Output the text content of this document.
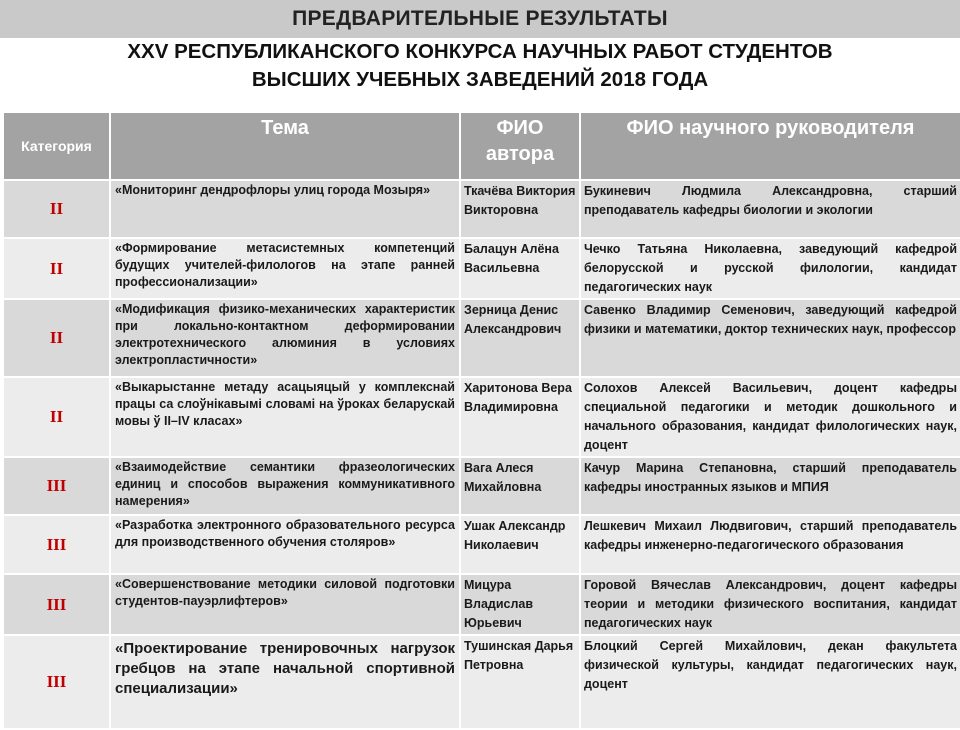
ПРЕДВАРИТЕЛЬНЫЕ РЕЗУЛЬТАТЫ
XXV РЕСПУБЛИКАНСКОГО КОНКУРСА НАУЧНЫХ РАБОТ СТУДЕНТОВ
ВЫСШИХ УЧЕБНЫХ ЗАВЕДЕНИЙ 2018 ГОДА
Категория	Тема	ФИО автора	ФИО научного руководителя
II	«Мониторинг дендрофлоры улиц города Мозыря»	Ткачёва Виктория Викторовна	Букиневич Людмила Александровна, старший преподаватель кафедры биологии и экологии
II	«Формирование метасистемных компетенций будущих учителей-филологов на этапе ранней профессионализации»	Балацун Алёна Васильевна	Чечко Татьяна Николаевна, заведующий кафедрой белорусской и русской филологии, кандидат педагогических наук
II	«Модификация физико-механических характеристик при локально-контактном деформировании электротехнического алюминия в условиях электропластичности»	Зерница Денис Александрович	Савенко Владимир Семенович, заведующий кафедрой физики и математики, доктор технических наук, профессор
II	«Выкарыстанне метаду асацыяцый у комплекснай працы са слоўнікавымі словамі на ўроках беларускай мовы ў II–IV класах»	Харитонова Вера Владимировна	Солохов Алексей Васильевич, доцент кафедры специальной педагогики и методик дошкольного и начального образования, кандидат филологических наук, доцент
III	«Взаимодействие семантики фразеологических единиц и способов выражения коммуникативного намерения»	Вага Алеся Михайловна	Качур Марина Степановна, старший преподаватель кафедры иностранных языков и МПИЯ
III	«Разработка электронного образовательного ресурса для производственного обучения столяров»	Ушак Александр Николаевич	Лешкевич Михаил Людвигович, старший преподаватель кафедры инженерно-педагогического образования
III	«Совершенствование методики силовой подготовки студентов-пауэрлифтеров»	Мицура Владислав Юрьевич	Горовой Вячеслав Александрович, доцент кафедры теории и методики физического воспитания, кандидат педагогических наук
III	«Проектирование тренировочных нагрузок гребцов на этапе начальной спортивной специализации»	Тушинская Дарья Петровна	Блоцкий Сергей Михайлович, декан факультета физической культуры, кандидат педагогических наук, доцент
